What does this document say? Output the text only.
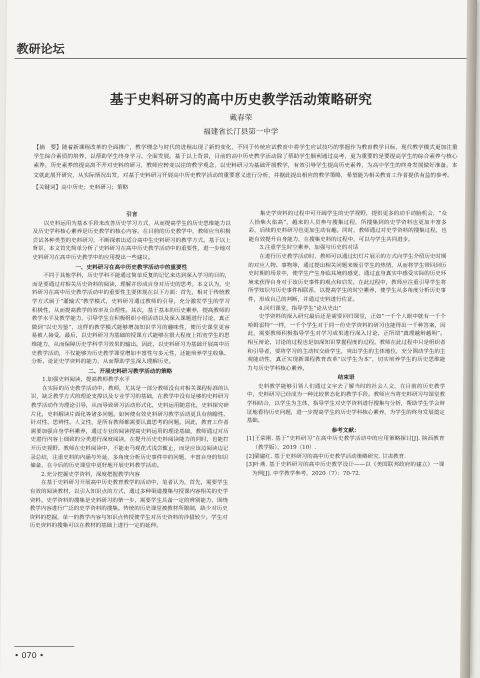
教研论坛
基于史料研习的高中历史教学活动策略研究
戴春荣
福建省长汀县第一中学

【摘　要】随着新课程改革的全面推广，教学理念与时代的进程出现了新的变化，不同于传统应试教育中将学生应试技巧的掌握作为教育教学目标，现代教学模式更加注重学生综合素质的培养，以帮助学生终身学习、全面发展。基于以上背景，目前的高中历史教学活动除了帮助学生顺利通过高考，更为重要的是要提高学生的综合素养与核心素养。历史素养的提高离不开对史料的研习，教师应转变以往的教学观念，以史料研习为基础开展教学，有效引导学生提高历史素养，为高中学生的终身发展做好准备。本文就此展开研究，从实际情况出发，对基于史料研习开展高中历史教学活动的重要意义进行分析，并据此提出相应的教学策略，希望能为相关教育工作者提供有益的参考。

【关键词】高中历史；史料研习；策略

引言

以史料运用为基本手段来改善历史学习方式，从而提高学生的历史思维能力以及历史学科核心素养是历史教学的核心内容。在目前的历史教学中，教师应当积极尝试各种类型的史料研习，不断探索出适合高中生史料研习的教学方式。基于以上背景，本文首先简单分析了史料研习在高中历史教学活动中的重要性，进一步地对史料研习在高中历史教学中的应用提出一些建议。

一、史料研习在高中历史教学活动中的重要性

不同于其他学科，历史学科不能通过简单反复的记忆来达到深入学习的目的，而是要通过对相关历史资料的阅读、理解并形成自身对历史的思考。本文认为，史料研习在高中历史教学活动中的重要性主要体现在以下方面：首先，相对于传统教学方式属于“灌输式”教学模式，史料研习通过教师的引导，充分激发学生的学习积极性，从而提高教学的效率及合理性。其次，基于基本的历史素养，提高教师的教学水平及教学能力，引导学生在积极组织小组活动以及深入课题进行讨论，真正做到“以史为鉴”，这样的教学模式能够增加知识学习的趣味性，使历史课堂更容易被人接受。最后，以史料研习为基础的授课方式能够在很大程度上拓宽学生的思维能力，从而保障历史学科学习效果的输出。因此，以史料研习为基础开展高中历史教学活动，不仅能够为历史教学课堂增加丰富性与多元性，还能培养学生收集、分析、论证史学资料的能力，从而帮助学生深入理解历史。

二、开展史料研习教学活动的策略
1.加强史料阅读，提高教师教学水平

在实际的历史教学活动中，教师，尤其是一部分教师没有对相关课程标准的认识，缺乏教学方式的理论支撑以及专业学习的基础，在教学中没有足够的史料研习教学活动作为理论引导，从而导致研习活动形式化，史料运用随意化，史料探究碎片化，史料解读片面化等诸多问题。如何使有效史料研习教学活动更具有前瞻性、针对性、思辨性、人文性，是所有教师都需要认真思考的问题。因此，教育工作者需要加强自身学科素养，通过专业的阅读提高史料运用的理论基础，教师通过对历史进行内容上细致的分类进行深度阅读，在提升历史史料阅读能力的同时，也能打开历史视野。教师在史料阅读中，不能走马观花式浅尝辄止，而是应该边阅读边记录总结，注重史料的内涵与外延，多角度分析历史事件中的问题，丰富自身的知识储备，在今后的历史课堂中更好地开展史料教学活动。

2.充分挖掘史学资料，深度把握教学内容

在基于史料研习开展高中历史教育教学的活动中，笔者认为，首先，需要学生有效的阅读教材，以引入知识点的方式，通过多种渠道搜集与授课内容相关的史学资料。史学资料的搜集是史料研习的第一步，需要学生具备一定的辨别能力，围绕教学内容进行广泛的史学资料的搜集。传统的历史课堂被教材所限制，缺少对历史资料的挖掘，单一的教学内容与知识点传授使学生对历史资料的涉猎较少。学生对历史资料的搜集可以在教材的基础上进行一定的延伸。

集史学资料的过程中可开阔学生的史学视野，提供更多的动手动脑机会，“众人拾柴火焰高”，越来的人员参与搜集过程，所搜集到的史学资料也更加丰富多彩，后续的史料研习也更加生动有趣。同时，教师通过对史学资料的搜集过程，也能有效提升自身能力，在搜集史料的过程中，可以与学生共同进步。

3.注重学生时空素养，加强与历史的对话

在进行历史教学活动时，教师可以通过幻灯片展示的方式向学生介绍历史时期的对应人物、事物等，通过提出相关问题来吸引学生的热情，从而将学生带回到历史时期的场景中，使学生产生身临其境的感觉，通过直身真实中感受实际的历史环境来获得自身对于该历史事件的观点和启发。在此过程中，教师应注重引导学生将所学知识与历史事件相联系，以提高学生的时空素养，使学生从多角度分析历史事件，形成自己的判断，并通过史料进行佐证。

4.回归课堂，指导学生“论从史出”

史学资料的深入研究最后还是需要回归课堂，正如“一千个人眼中就有一千个哈姆雷特”一样，一千个学生对于同一份史学资料的研习也能得出一千种答案，因此，需要教师积极指导学生对学习成果进行深入讨论，正所谓“真理越辩越明”。相互辩论、讨论的过程也是加深知识掌握程度的过程。教师在此过程中只是组织者和引导者，要将学习的主动权交给学生，突出学生的主体地位，充分调动学生的主观能动性，真正实现新课程教育改革“以学生为本”，切实培养学生的历史思维能力与历史学科核心素养。

结束语

史料教学能够引领人们通过文字去了解当时的社会人文，在目前的历史教学中，史料研习已经成为一种比较常态化的教学手段。教师应当将史料研习与课堂教学相结合，以学生为主体，指导学生对史学资料进行搜集与分析，帮助学生学会辩证地看待历史问题，进一步提高学生的历史学科核心素养，为学生的终身发展奠定基础。

参考文献：

[1]王荣刚. 基于“史料研习”在高中历史教学活动中的应用策略探讨[J]. 陕西教育（教学版），2019（10）.

[2]梁建红. 基于史料研习的高中历史教学活动策略研究. 甘肃教育.

[3]叶燕. 基于史料研习的高中历史教学设计——以《美国联邦政府的建立》一课为例[J]. 中学教学参考，2020（7）：70-72.

• 070 •
